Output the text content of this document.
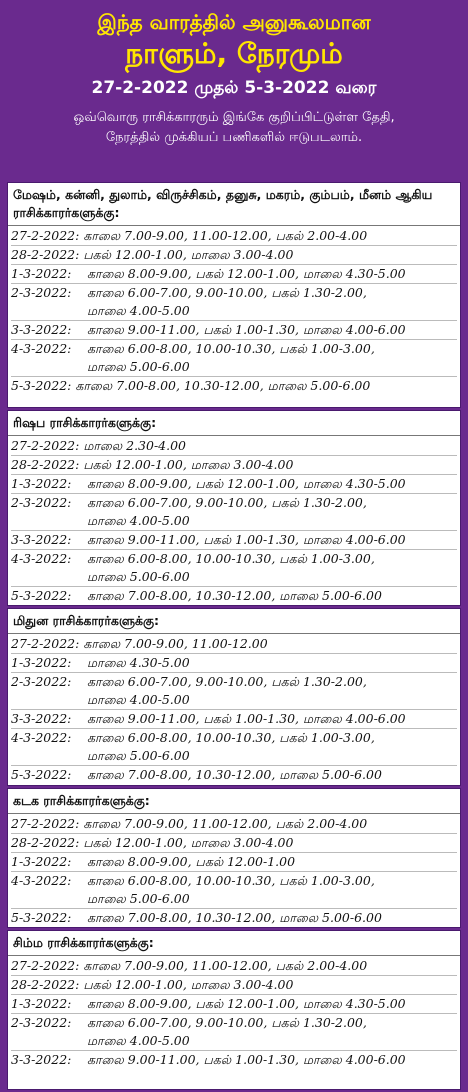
இந்த வாரத்தில் அனுகூலமான
நாளும், நேரமும்
27-2-2022 முதல் 5-3-2022 வரை
ஒவ்வொரு ராசிக்காரரும் இங்கே குறிப்பிட்டுள்ள தேதி,
நேரத்தில் முக்கியப் பணிகளில் ஈடுபடலாம்.
மேஷம், கன்னி, துலாம், விருச்சிகம், தனுசு, மகரம், கும்பம், மீனம் ஆகிய ராசிக்காரர்களுக்கு:
27-2-2022: காலை 7.00-9.00, 11.00-12.00, பகல் 2.00-4.00
28-2-2022: பகல் 12.00-1.00, மாலை 3.00-4.00
1-3-2022:	காலை 8.00-9.00, பகல் 12.00-1.00, மாலை 4.30-5.00
2-3-2022:	காலை 6.00-7.00, 9.00-10.00, பகல் 1.30-2.00,
மாலை 4.00-5.00
3-3-2022:	காலை 9.00-11.00, பகல் 1.00-1.30, மாலை 4.00-6.00
4-3-2022:	காலை 6.00-8.00, 10.00-10.30, பகல் 1.00-3.00,
மாலை 5.00-6.00
5-3-2022: காலை 7.00-8.00, 10.30-12.00, மாலை 5.00-6.00
ரிஷப ராசிக்காரர்களுக்கு:
27-2-2022: மாலை 2.30-4.00
28-2-2022: பகல் 12.00-1.00, மாலை 3.00-4.00
1-3-2022:	காலை 8.00-9.00, பகல் 12.00-1.00, மாலை 4.30-5.00
2-3-2022:	காலை 6.00-7.00, 9.00-10.00, பகல் 1.30-2.00,
மாலை 4.00-5.00
3-3-2022:	காலை 9.00-11.00, பகல் 1.00-1.30, மாலை 4.00-6.00
4-3-2022:	காலை 6.00-8.00, 10.00-10.30, பகல் 1.00-3.00,
மாலை 5.00-6.00
5-3-2022:	காலை 7.00-8.00, 10.30-12.00, மாலை 5.00-6.00
மிதுன ராசிக்காரர்களுக்கு:
27-2-2022: காலை 7.00-9.00, 11.00-12.00
1-3-2022:	மாலை 4.30-5.00
2-3-2022:	காலை 6.00-7.00, 9.00-10.00, பகல் 1.30-2.00,
மாலை 4.00-5.00
3-3-2022:	காலை 9.00-11.00, பகல் 1.00-1.30, மாலை 4.00-6.00
4-3-2022:	காலை 6.00-8.00, 10.00-10.30, பகல் 1.00-3.00,
மாலை 5.00-6.00
5-3-2022:	காலை 7.00-8.00, 10.30-12.00, மாலை 5.00-6.00
கடக ராசிக்காரர்களுக்கு:
27-2-2022: காலை 7.00-9.00, 11.00-12.00, பகல் 2.00-4.00
28-2-2022: பகல் 12.00-1.00, மாலை 3.00-4.00
1-3-2022:	காலை 8.00-9.00, பகல் 12.00-1.00
4-3-2022:	காலை 6.00-8.00, 10.00-10.30, பகல் 1.00-3.00,
மாலை 5.00-6.00
5-3-2022:	காலை 7.00-8.00, 10.30-12.00, மாலை 5.00-6.00
சிம்ம ராசிக்காரர்களுக்கு:
27-2-2022: காலை 7.00-9.00, 11.00-12.00, பகல் 2.00-4.00
28-2-2022: பகல் 12.00-1.00, மாலை 3.00-4.00
1-3-2022:	காலை 8.00-9.00, பகல் 12.00-1.00, மாலை 4.30-5.00
2-3-2022:	காலை 6.00-7.00, 9.00-10.00, பகல் 1.30-2.00,
மாலை 4.00-5.00
3-3-2022:	காலை 9.00-11.00, பகல் 1.00-1.30, மாலை 4.00-6.00
